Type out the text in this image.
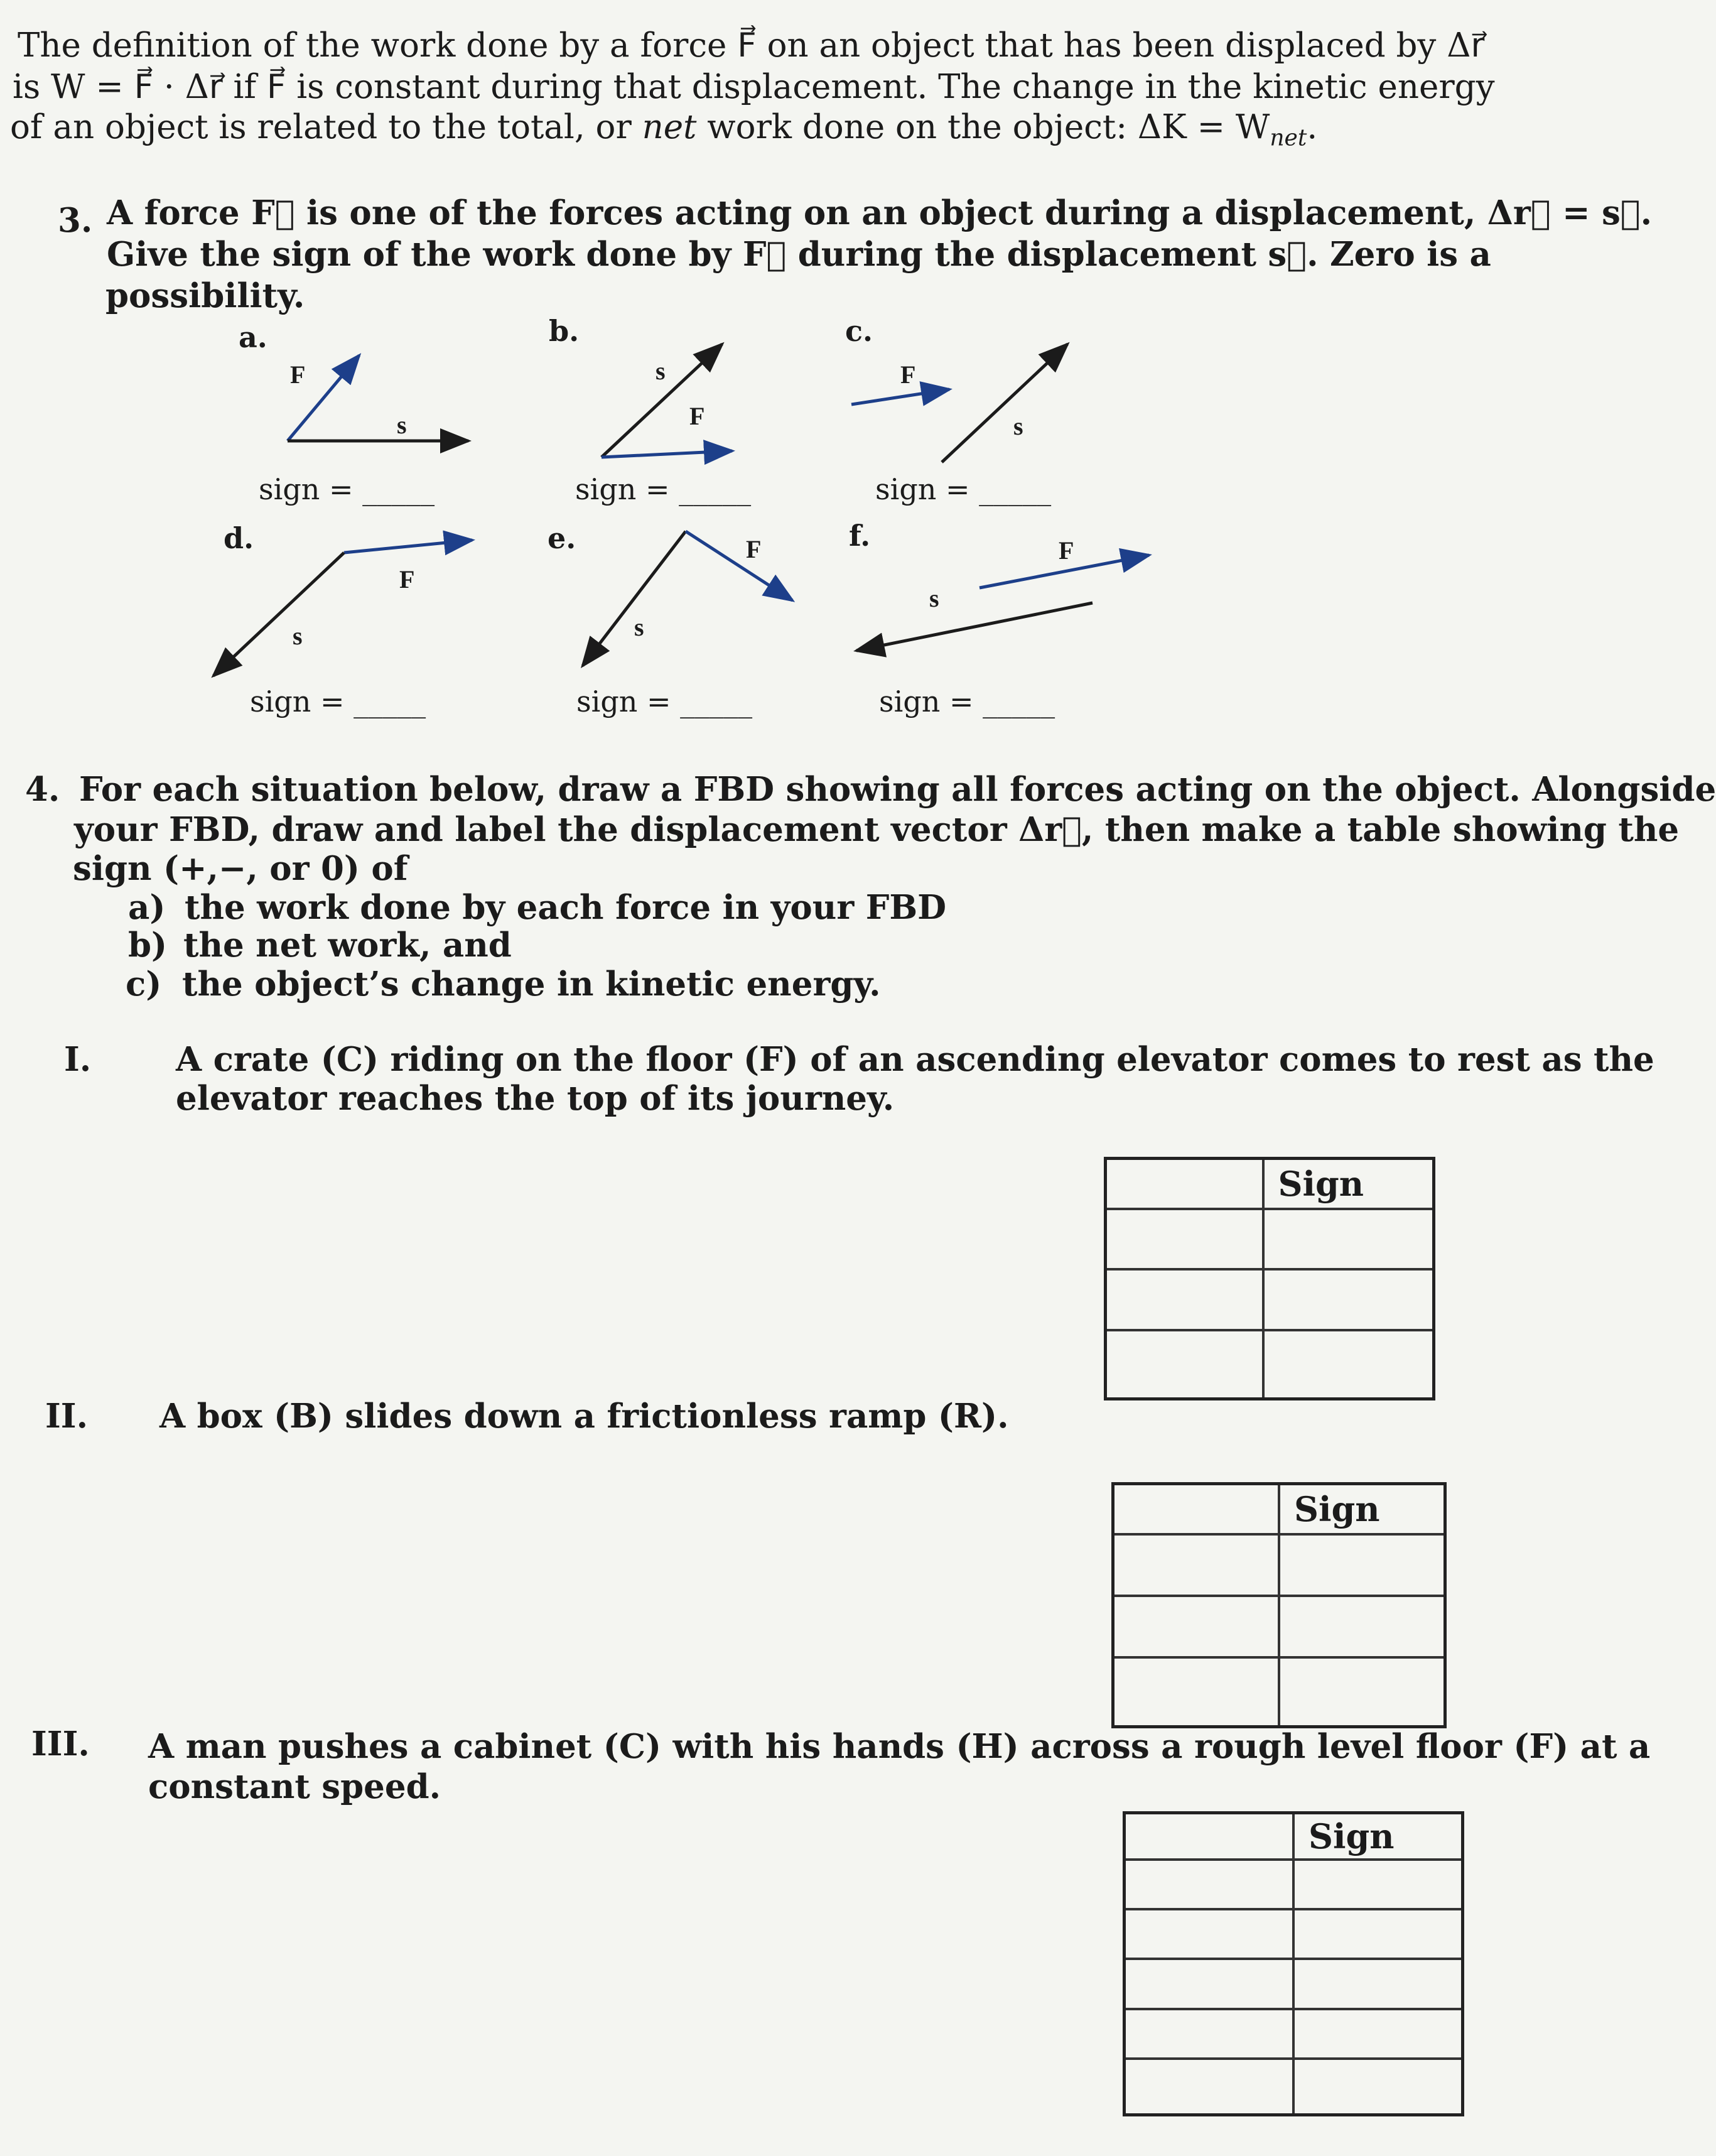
The definition of the work done by a force F⃗ on an object that has been displaced by Δr⃗
is W = F⃗ · Δr⃗ if F⃗ is constant during that displacement. The change in the kinetic energy
of an object is related to the total, or net work done on the object: $\Delta K = W_{net}$.
3. A force F⃗ is one of the forces acting on an object during a displacement, Δr⃗ = s⃗.
Give the sign of the work done by F⃗ during the displacement s⃗. Zero is a
possibility.
a.	b.	c.
d.	e.	f.
sign = _____	sign = _____	sign = _____
sign = _____	sign = _____	sign = _____
F⃗
s⃗
s⃗
F⃗
F⃗
s⃗
F⃗
s⃗
F⃗
s⃗
F⃗
s⃗
4. For each situation below, draw a FBD showing all forces acting on the object. Alongside
your FBD, draw and label the displacement vector Δr⃗, then make a table showing the
sign (+,−, or 0) of
a) the work done by each force in your FBD
b) the net work, and
c) the object’s change in kinetic energy.
I.	A crate (C) riding on the floor (F) of an ascending elevator comes to rest as the
elevator reaches the top of its journey.
II. A box (B) slides down a frictionless ramp (R).
III. A man pushes a cabinet (C) with his hands (H) across a rough level floor (F) at a
constant speed.
	Sign

	Sign

	Sign
